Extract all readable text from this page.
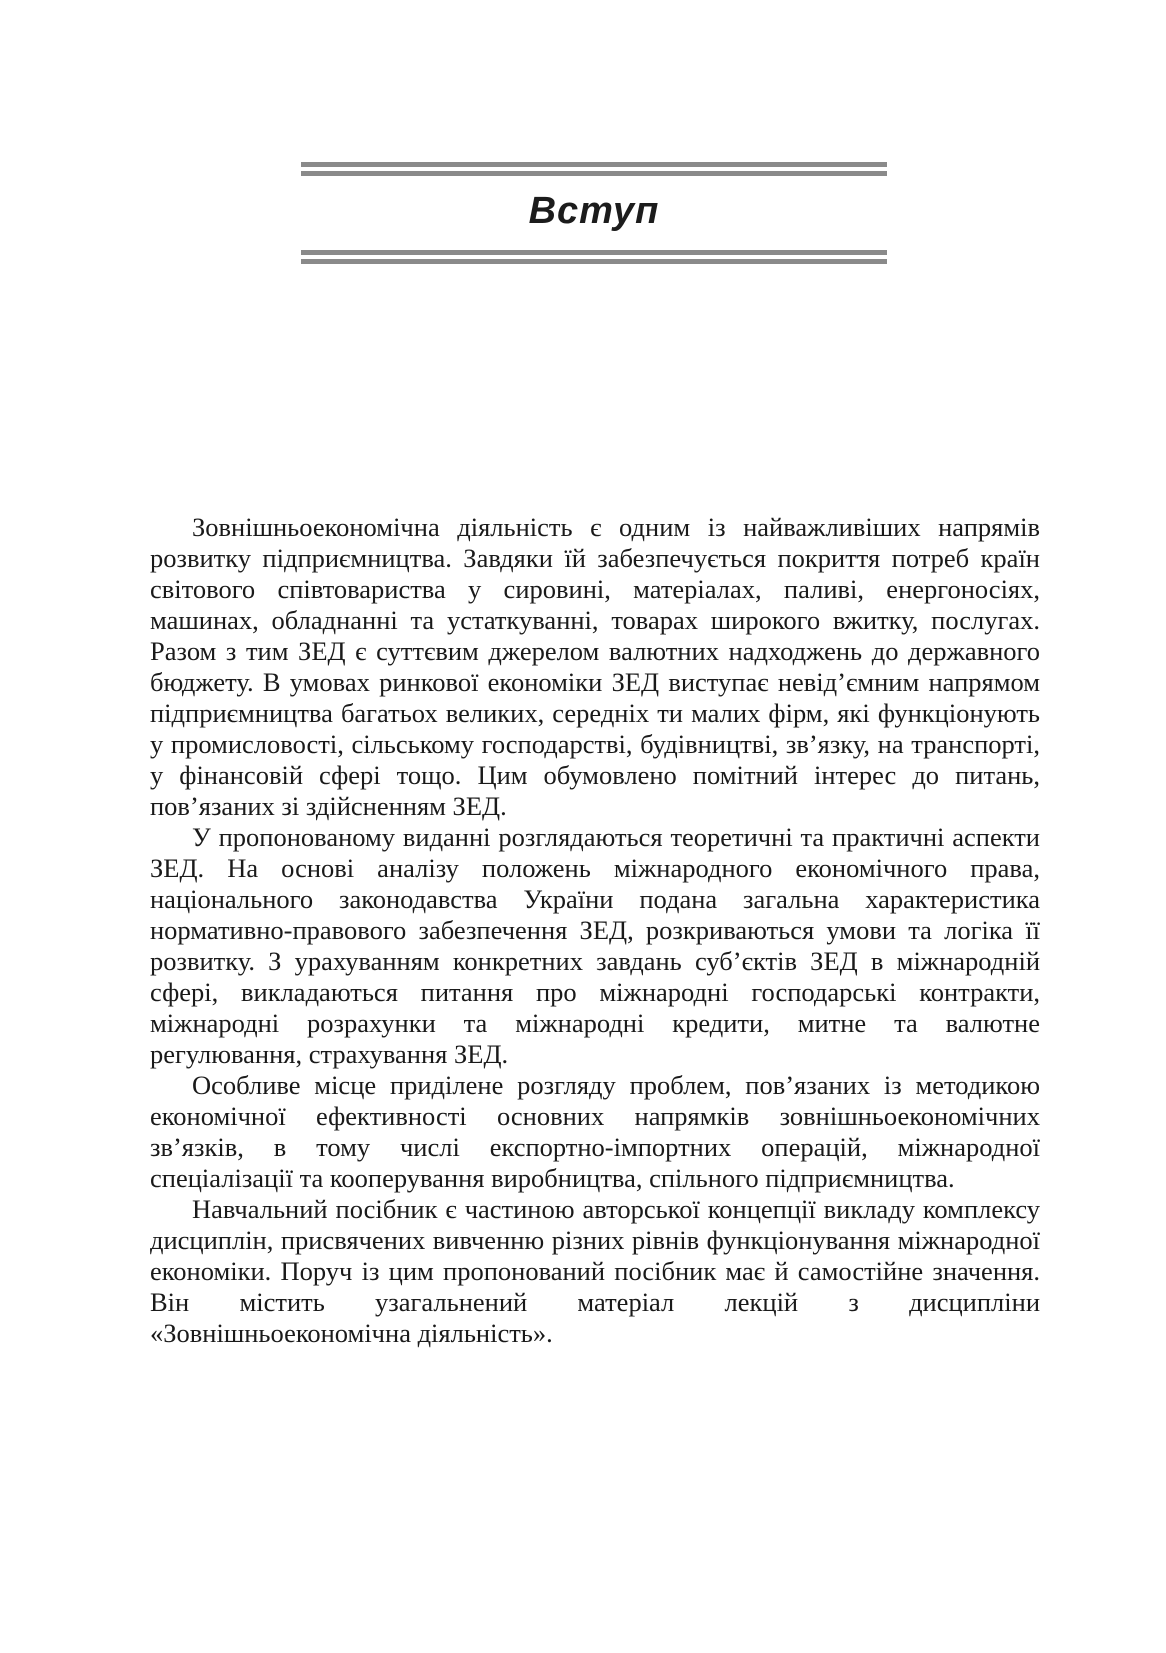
Вступ

Зовнішньоекономічна діяльність є одним із найважливіших напрямів розвитку підприємництва. Завдяки їй забезпечується покриття потреб країн світового співтовариства у сировині, матеріалах, паливі, енергоносіях, машинах, обладнанні та устаткуванні, товарах широкого вжитку, послугах. Разом з тим ЗЕД є суттєвим джерелом валютних надходжень до державного бюджету. В умовах ринкової економіки ЗЕД виступає невід’ємним напрямом підприємництва багатьох великих, середніх ти малих фірм, які функціонують у промисловості, сільському господарстві, будівництві, зв’язку, на транспорті, у фінансовій сфері тощо. Цим обумовлено помітний інтерес до питань, пов’язаних зі здійсненням ЗЕД.

У пропонованому виданні розглядаються теоретичні та практичні аспекти ЗЕД. На основі аналізу положень міжнародного економічного права, національного законодавства України подана загальна характеристика нормативно-правового забезпечення ЗЕД, розкриваються умови та логіка її розвитку. З урахуванням конкретних завдань суб’єктів ЗЕД в міжнародній сфері, викладаються питання про міжнародні господарські контракти, міжнародні розрахунки та міжнародні кредити, митне та валютне регулювання, страхування ЗЕД.

Особливе місце приділене розгляду проблем, пов’язаних із методикою економічної ефективності основних напрямків зовнішньоекономічних зв’язків, в тому числі експортно-імпортних операцій, міжнародної спеціалізації та кооперування виробництва, спільного підприємництва.

Навчальний посібник є частиною авторської концепції викладу комплексу дисциплін, присвячених вивченню різних рівнів функціонування міжнародної економіки. Поруч із цим пропонований посібник має й самостійне значення. Він містить узагальнений матеріал лекцій з дисципліни «Зовнішньоекономічна діяльність».
